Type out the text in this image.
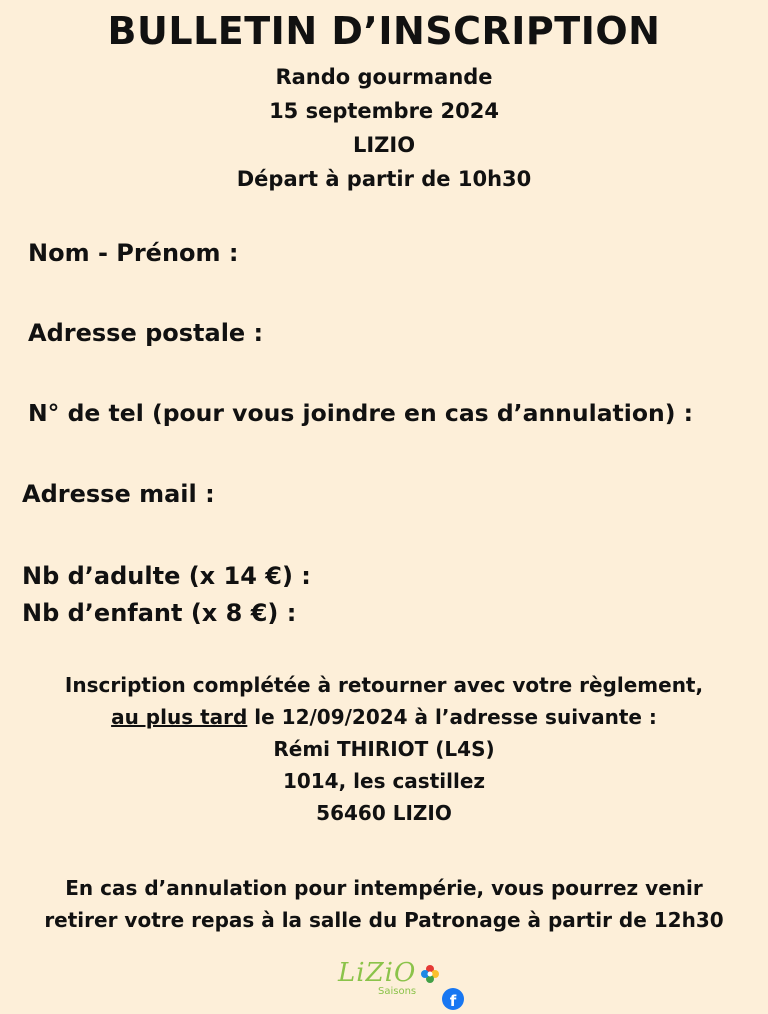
BULLETIN D’INSCRIPTION
Rando gourmande
15 septembre 2024
LIZIO
Départ à partir de 10h30
Nom - Prénom :
Adresse postale :
N° de tel (pour vous joindre en cas d’annulation) :
Adresse mail :
Nb d’adulte (x 14 €) :
Nb d’enfant (x 8 €) :
Inscription complétée à retourner avec votre règlement,
au plus tard le 12/09/2024 à l’adresse suivante :
Rémi THIRIOT (L4S)
1014, les castillez
56460 LIZIO
En cas d’annulation pour intempérie, vous pourrez venir
retirer votre repas à la salle du Patronage à partir de 12h30
LiZiO
Saisons
f
